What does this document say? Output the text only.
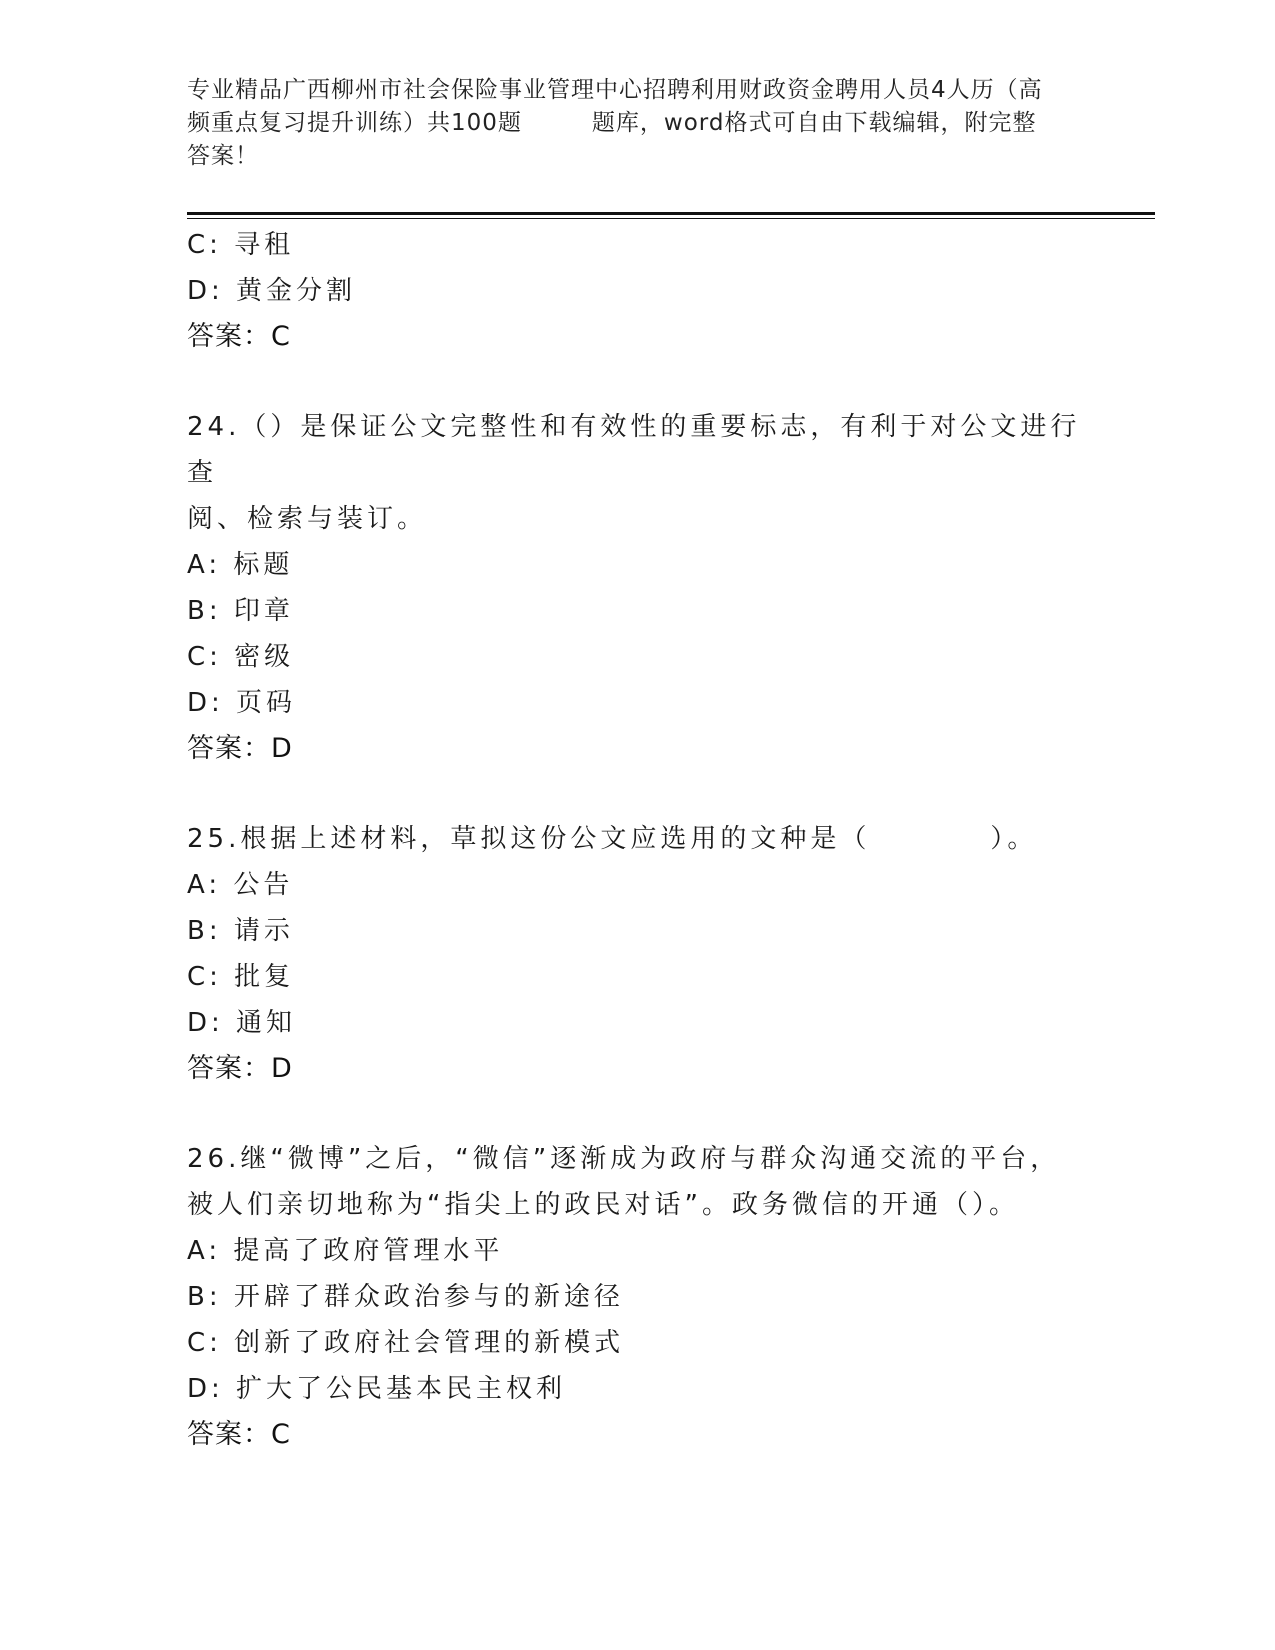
专业精品广西柳州市社会保险事业管理中心招聘利用财政资金聘用人员4人历（高
频重点复习提升训练）共100题	题库，word格式可自由下载编辑，附完整
答案！
C: 寻租
D: 黄金分割
答案：C
24.（）是保证公文完整性和有效性的重要标志，有利于对公文进行查
阅、检索与装订。
A: 标题
B: 印章
C: 密级
D: 页码
答案：D
25.根据上述材料，草拟这份公文应选用的文种是（	）。
A: 公告
B: 请示
C: 批复
D: 通知
答案：D
26.继“微博”之后，“微信”逐渐成为政府与群众沟通交流的平台，
被人们亲切地称为“指尖上的政民对话”。政务微信的开通（）。
A: 提高了政府管理水平
B: 开辟了群众政治参与的新途径
C: 创新了政府社会管理的新模式
D: 扩大了公民基本民主权利
答案：C
